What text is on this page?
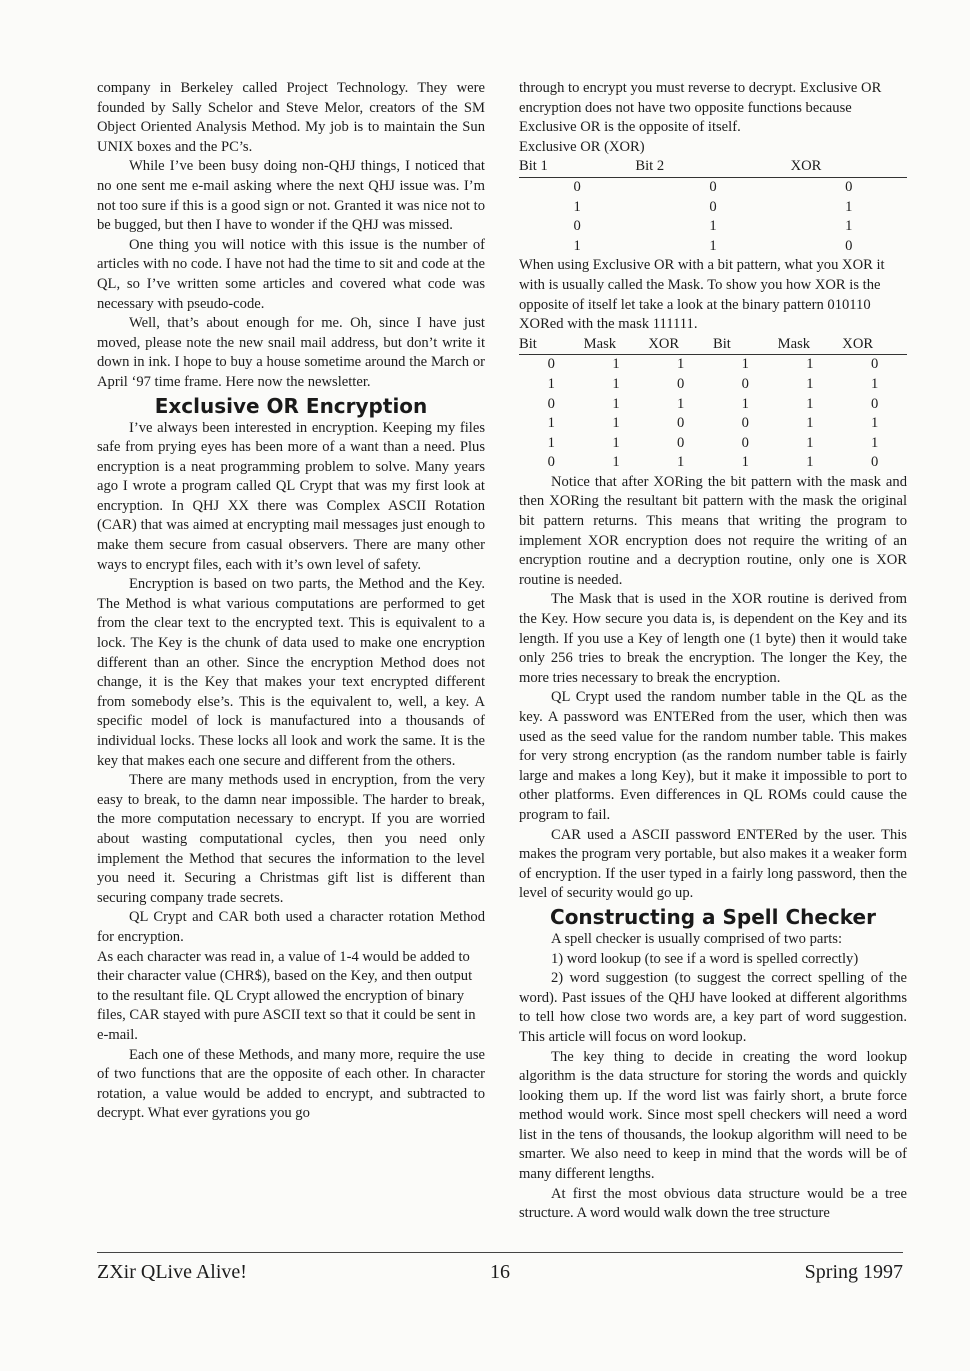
company in Berkeley called Project Technology. They were founded by Sally Schelor and Steve Melor, creators of the SM Object Oriented Analysis Method. My job is to maintain the Sun UNIX boxes and the PC’s.

While I’ve been busy doing non-QHJ things, I noticed that no one sent me e-mail asking where the next QHJ issue was. I’m not too sure if this is a good sign or not. Granted it was nice not to be bugged, but then I have to wonder if the QHJ was missed.

One thing you will notice with this issue is the number of articles with no code. I have not had the time to sit and code at the QL, so I’ve written some articles and covered what code was necessary with pseudo-code.

Well, that’s about enough for me. Oh, since I have just moved, please note the new snail mail address, but don’t write it down in ink. I hope to buy a house sometime around the March or April ‘97 time frame. Here now the newsletter.

Exclusive OR Encryption

I’ve always been interested in encryption. Keeping my files safe from prying eyes has been more of a want than a need. Plus encryption is a neat programming problem to solve. Many years ago I wrote a program called QL Crypt that was my first look at encryption. In QHJ XX there was Complex ASCII Rotation (CAR) that was aimed at encrypting mail messages just enough to make them secure from casual observers. There are many other ways to encrypt files, each with it’s own level of safety.

Encryption is based on two parts, the Method and the Key. The Method is what various computations are performed to get from the clear text to the encrypted text. This is equivalent to a lock. The Key is the chunk of data used to make one encryption different than an other. Since the encryption Method does not change, it is the Key that makes your text encrypted different from somebody else’s. This is the equivalent to, well, a key. A specific model of lock is manufactured into a thousands of individual locks. These locks all look and work the same. It is the key that makes each one secure and different from the others.

There are many methods used in encryption, from the very easy to break, to the damn near impossible. The harder to break, the more computation necessary to encrypt. If you are worried about wasting computational cycles, then you need only implement the Method that secures the information to the level you need it. Securing a Christmas gift list is different than securing company trade secrets.

QL Crypt and CAR both used a character rotation Method for encryption.

As each character was read in, a value of 1-4 would be added to their character value (CHR$), based on the Key, and then output to the resultant file. QL Crypt allowed the encryption of binary files, CAR stayed with pure ASCII text so that it could be sent in e-mail.

Each one of these Methods, and many more, require the use of two functions that are the opposite of each other. In character rotation, a value would be added to encrypt, and subtracted to decrypt. What ever gyrations you go

through to encrypt you must reverse to decrypt. Exclusive OR encryption does not have two opposite functions because Exclusive OR is the opposite of itself.

Exclusive OR (XOR)

Bit 1	Bit 2	XOR
0	0	0
1	0	1
0	1	1
1	1	0

When using Exclusive OR with a bit pattern, what you XOR it with is usually called the Mask. To show you how XOR is the opposite of itself let take a look at the binary pattern 010110 XORed with the mask 111111.

Bit	Mask	XOR	Bit	Mask	XOR
0	1	1	1	1	0
1	1	0	0	1	1
0	1	1	1	1	0
1	1	0	0	1	1
1	1	0	0	1	1
0	1	1	1	1	0

Notice that after XORing the bit pattern with the mask and then XORing the resultant bit pattern with the mask the original bit pattern returns. This means that writing the program to implement XOR encryption does not require the writing of an encryption routine and a decryption routine, only one is XOR routine is needed.

The Mask that is used in the XOR routine is derived from the Key. How secure you data is, is dependent on the Key and its length. If you use a Key of length one (1 byte) then it would take only 256 tries to break the encryption. The longer the Key, the more tries necessary to break the encryption.

QL Crypt used the random number table in the QL as the key. A password was ENTERed from the user, which then was used as the seed value for the random number table. This makes for very strong encryption (as the random number table is fairly large and makes a long Key), but it make it impossible to port to other platforms. Even differences in QL ROMs could cause the program to fail.

CAR used a ASCII password ENTERed by the user. This makes the program very portable, but also makes it a weaker form of encryption. If the user typed in a fairly long password, then the level of security would go up.

Constructing a Spell Checker

A spell checker is usually comprised of two parts:

1) word lookup (to see if a word is spelled correctly)

2) word suggestion (to suggest the correct spelling of the word). Past issues of the QHJ have looked at different algorithms to tell how close two words are, a key part of word suggestion. This article will focus on word lookup.

The key thing to decide in creating the word lookup algorithm is the data structure for storing the words and quickly looking them up. If the word list was fairly short, a brute force method would work. Since most spell checkers will need a word list in the tens of thousands, the lookup algorithm will need to be smarter. We also need to keep in mind that the words will be of many different lengths.

At first the most obvious data structure would be a tree structure. A word would walk down the tree structure

ZXir QLive Alive!	16	Spring 1997
